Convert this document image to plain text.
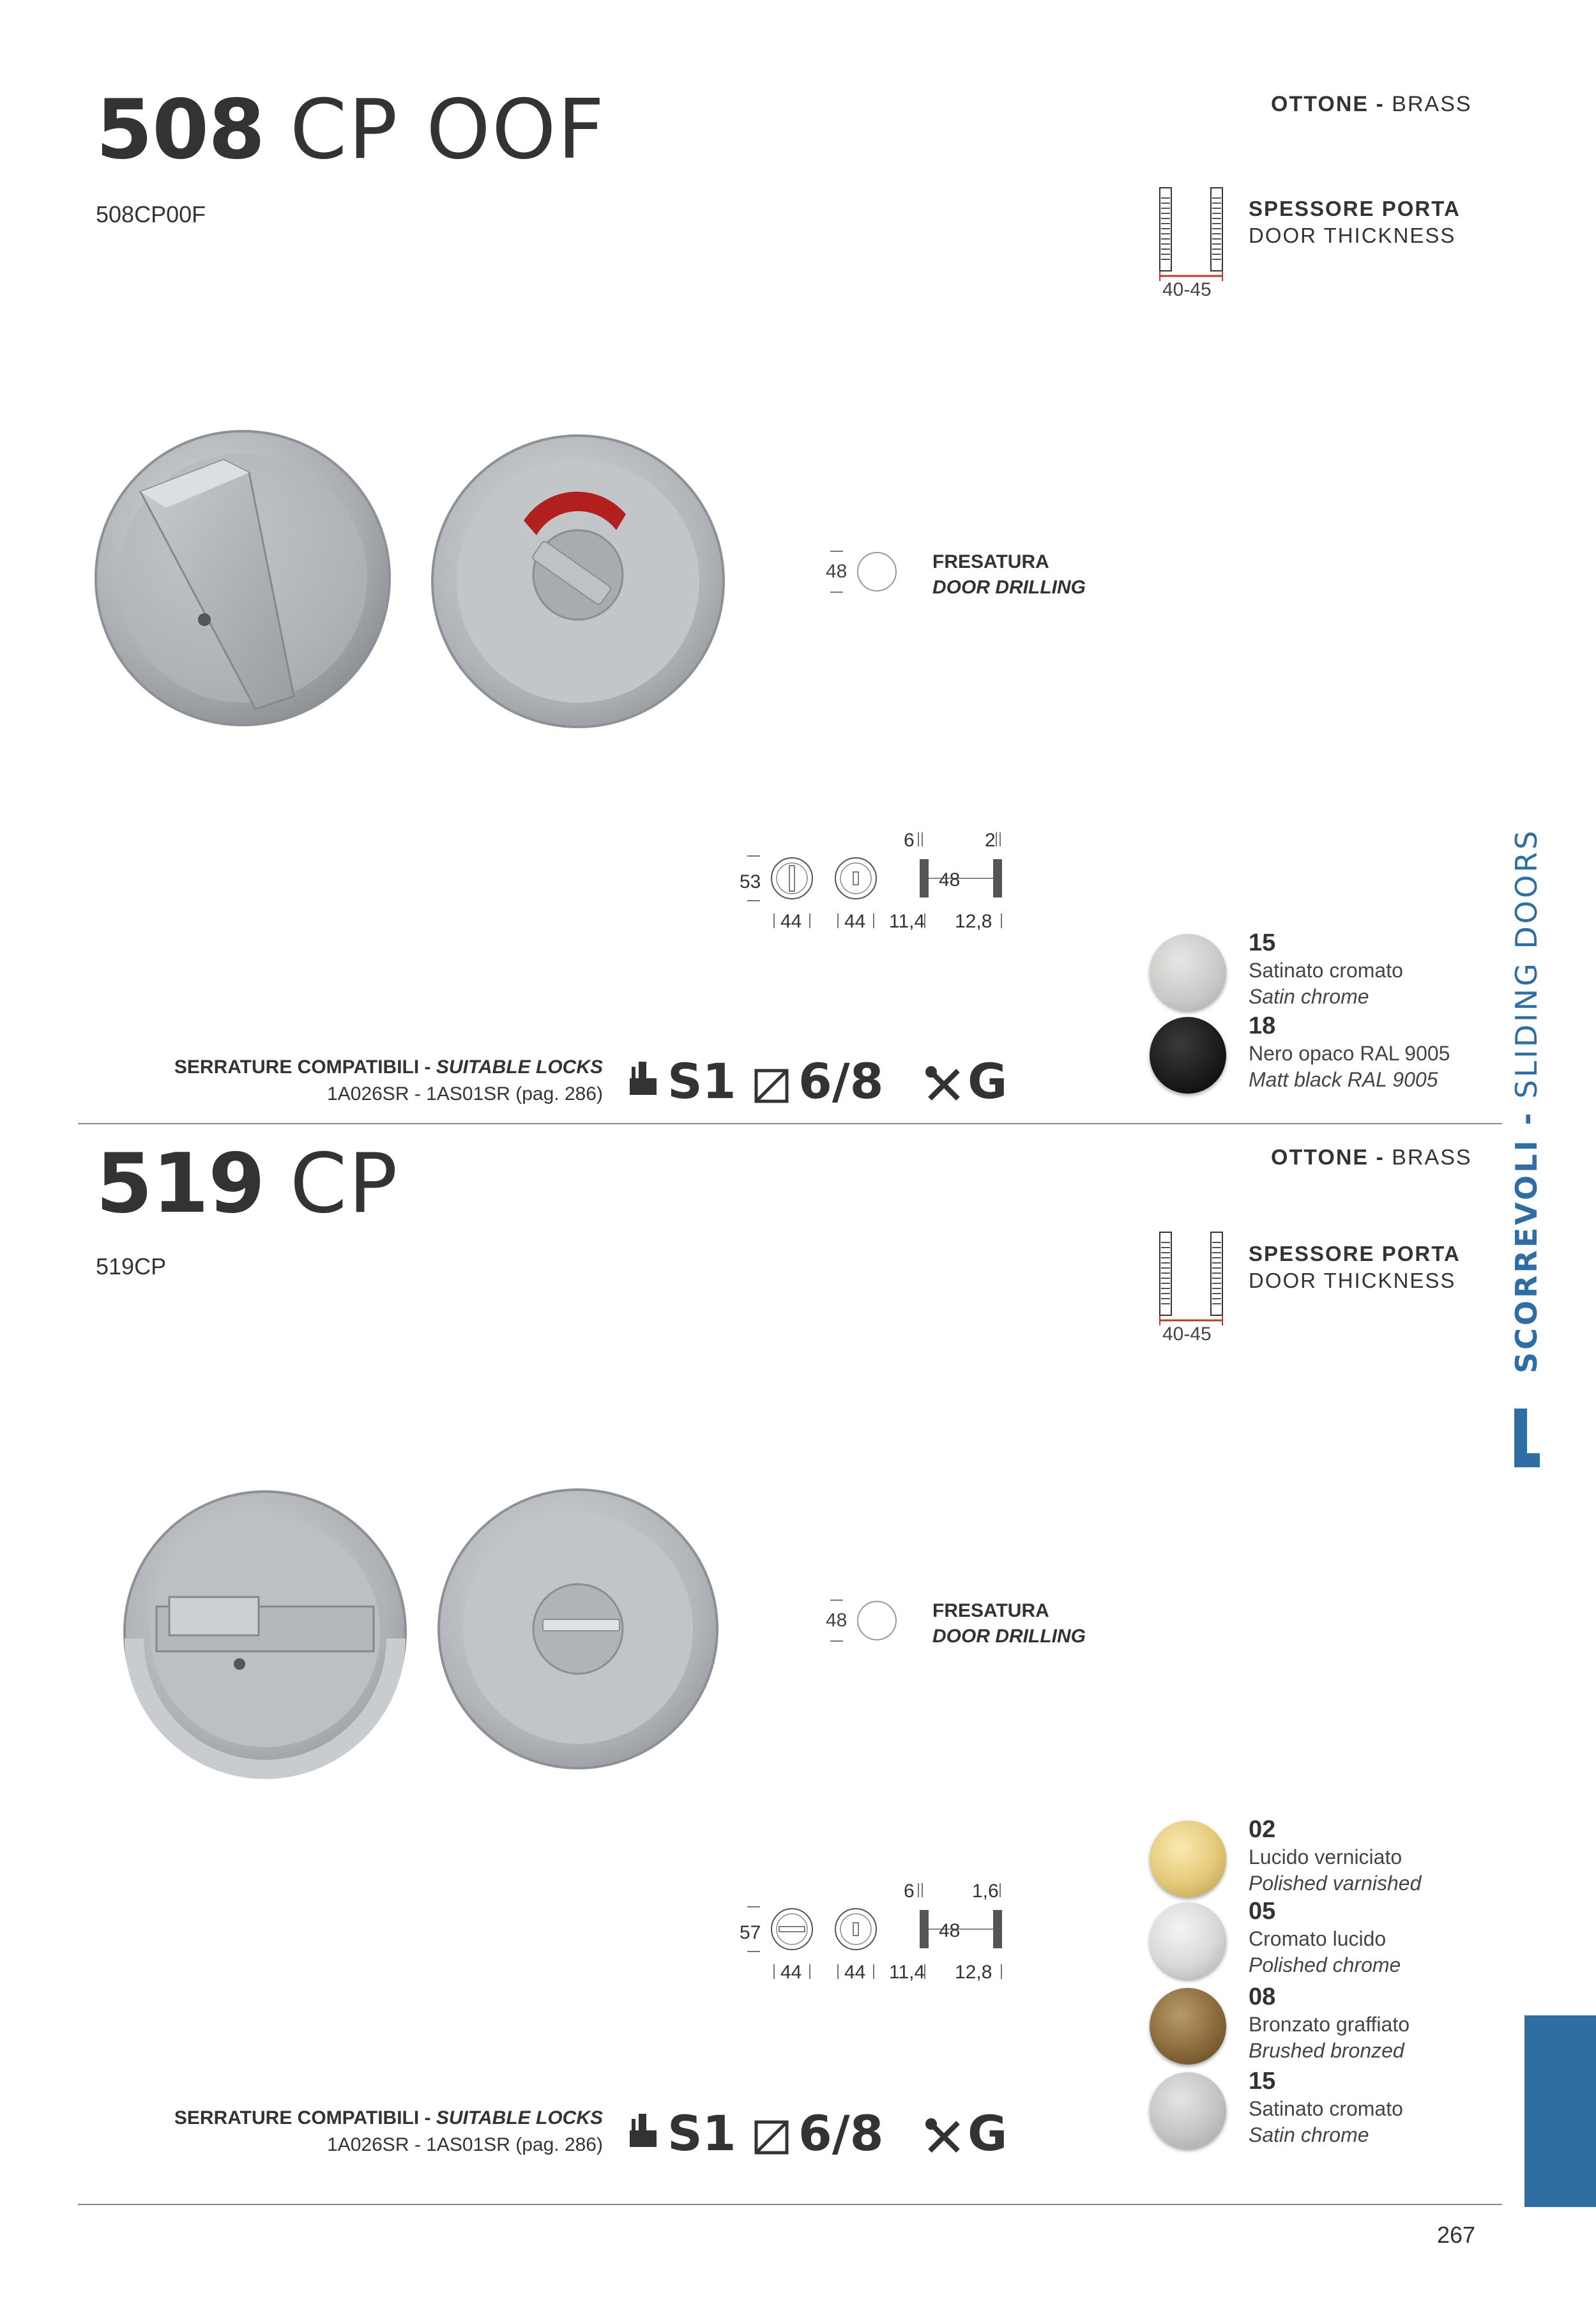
508 CP OOF
508CP00F
OTTONE - BRASS
40-45
SPESSORE PORTA
DOOR THICKNESS
48	FRESATURA
DOOR DRILLING
53	48
6	2
44 44 11,4 12,8
SERRATURE COMPATIBILI - SUITABLE LOCKS
1A026SR - 1AS01SR (pag. 286) S1 6/8 G
15
Satinato cromato
Satin chrome
18
Nero opaco RAL 9005
Matt black RAL 9005
519 CP
519CP
OTTONE - BRASS
40-45
SPESSORE PORTA
DOOR THICKNESS
48	FRESATURA
DOOR DRILLING
57	48
6	1,6
44 44 11,4 12,8
SERRATURE COMPATIBILI - SUITABLE LOCKS
1A026SR - 1AS01SR (pag. 286) S1 6/8 G
02
Lucido verniciato
Polished varnished
05
Cromato lucido
Polished chrome
08
Bronzato graffiato
Brushed bronzed
15
Satinato cromato
Satin chrome
SCORREVOLI - SLIDING DOORS
267
